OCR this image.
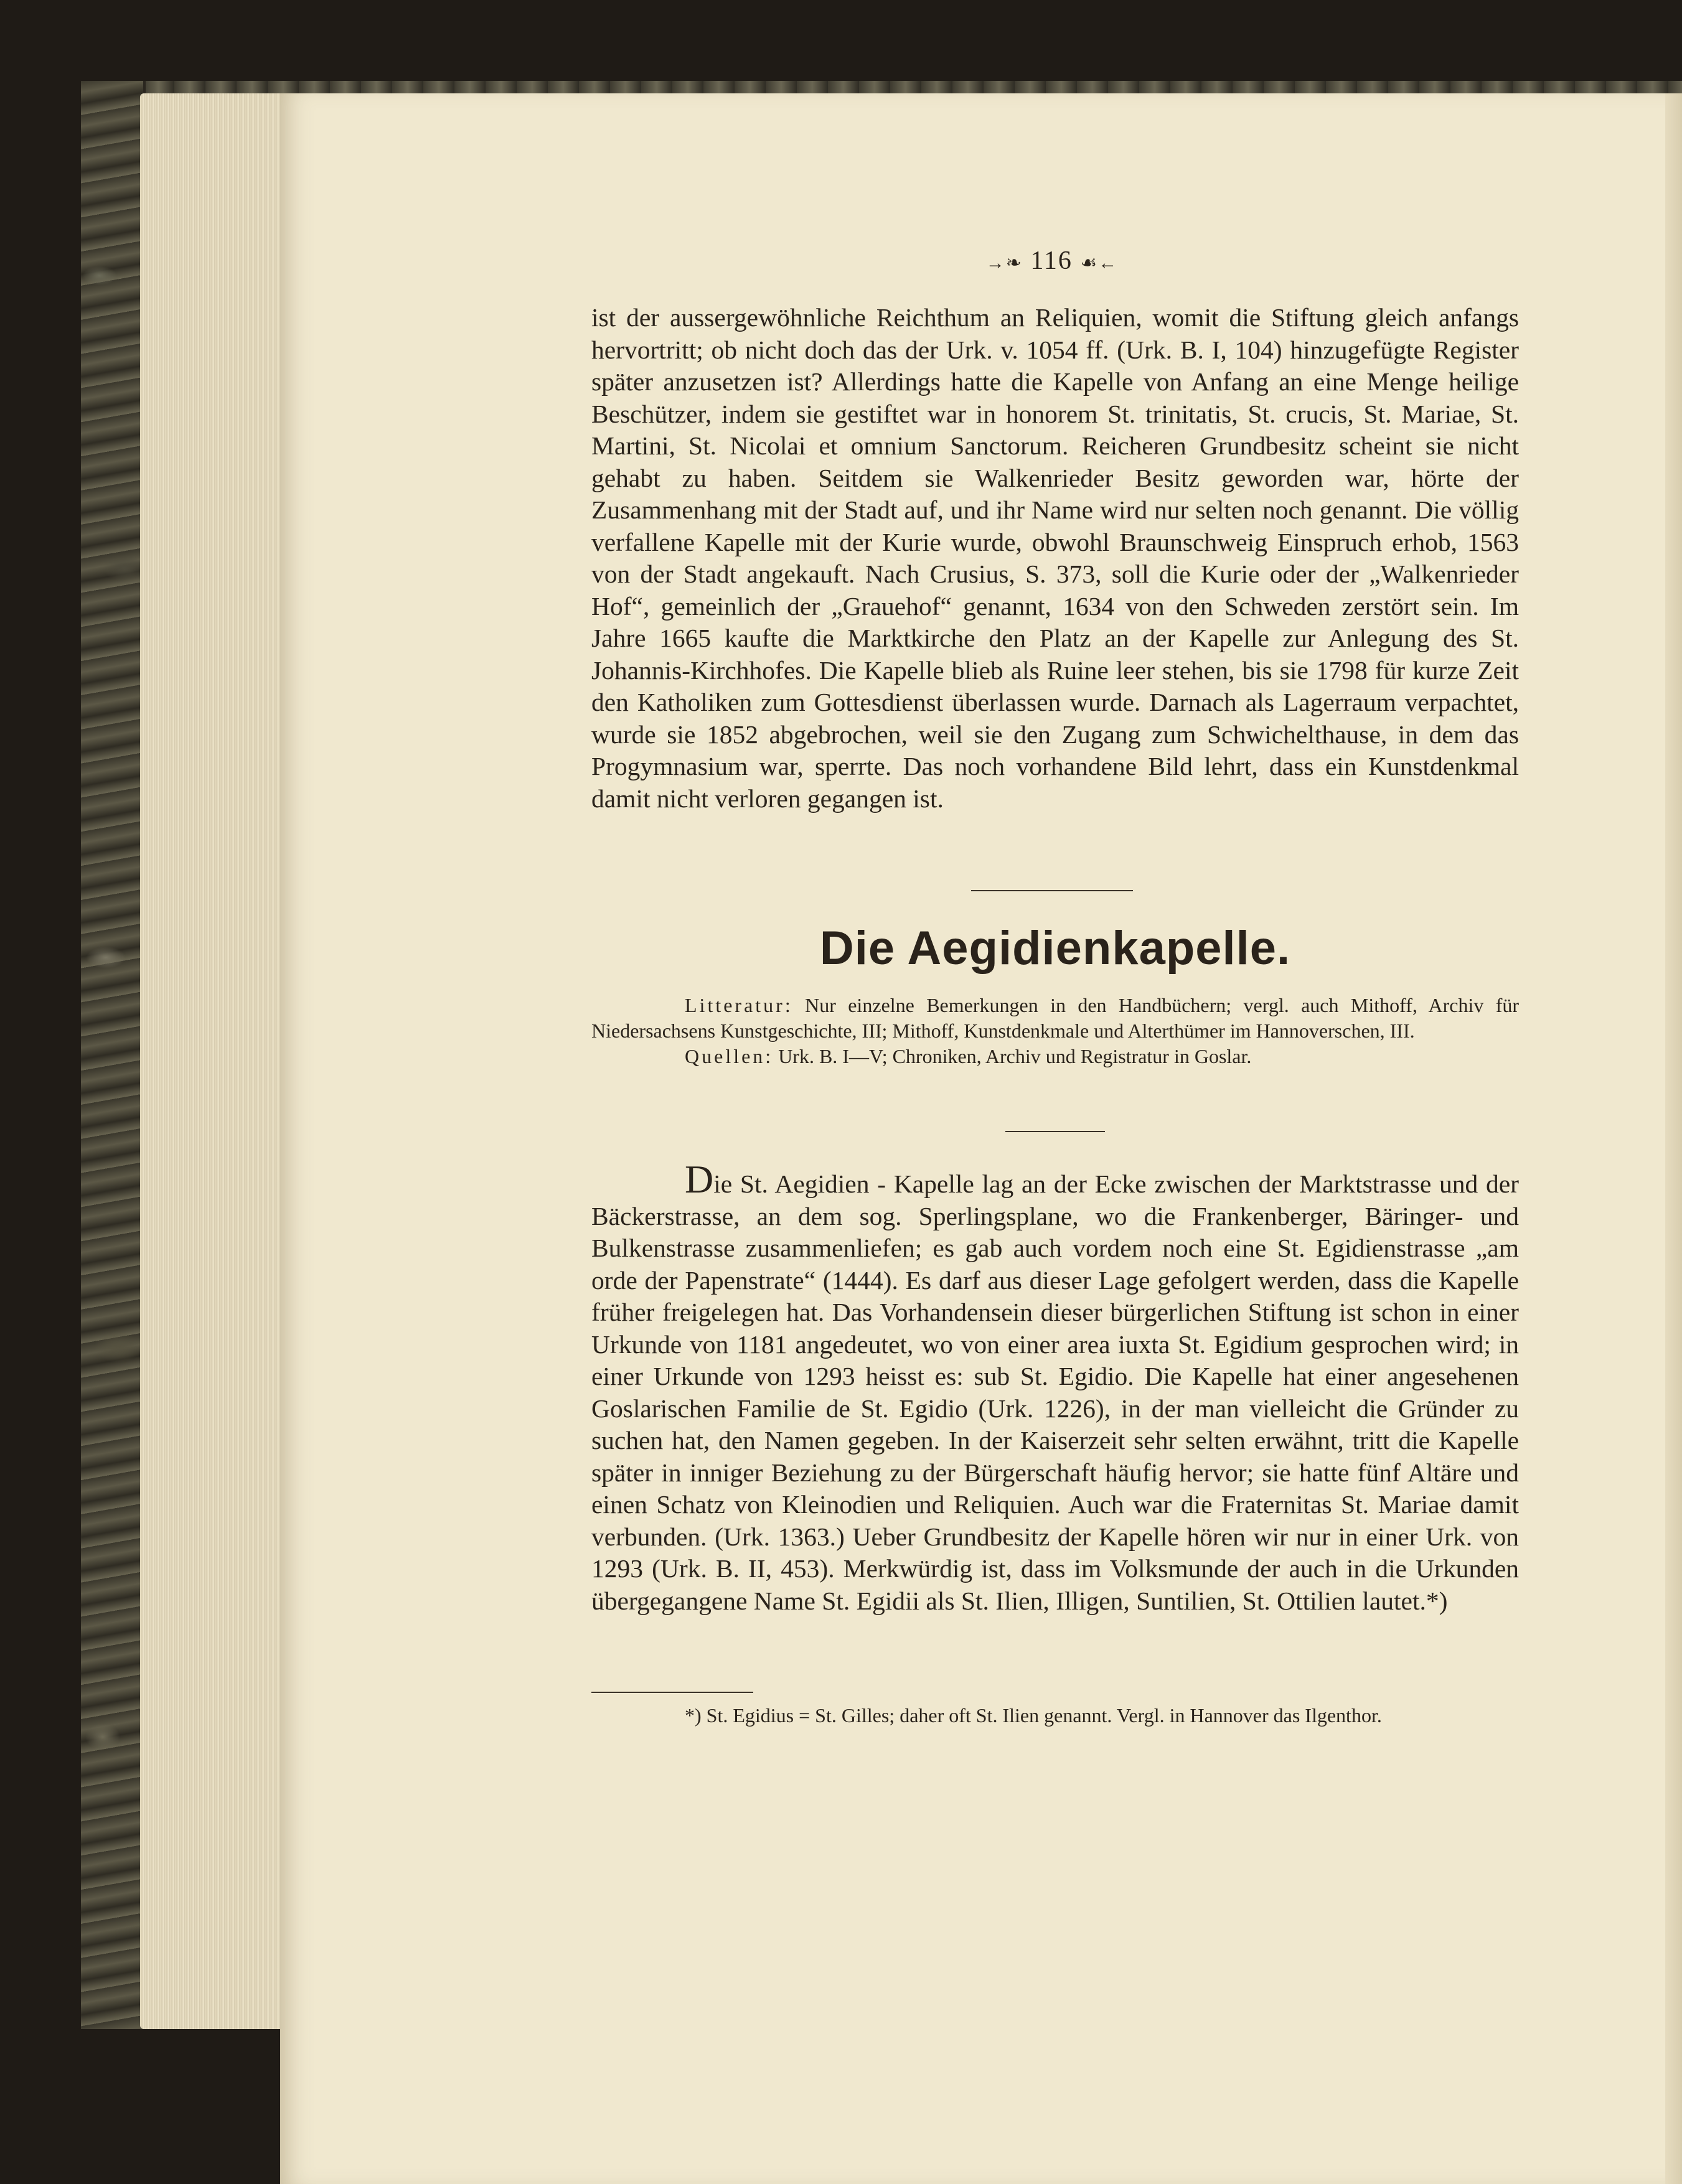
→❧ 116 ☙←

ist der aussergewöhnliche Reichthum an Reliquien, womit die Stiftung gleich anfangs hervortritt; ob nicht doch das der Urk. v. 1054 ff. (Urk. B. I, 104) hinzugefügte Register später anzusetzen ist? Allerdings hatte die Kapelle von Anfang an eine Menge heilige Beschützer, indem sie gestiftet war in honorem St. trinitatis, St. crucis, St. Mariae, St. Martini, St. Nicolai et omnium Sanctorum. Reicheren Grundbesitz scheint sie nicht gehabt zu haben. Seitdem sie Walkenrieder Besitz geworden war, hörte der Zusammenhang mit der Stadt auf, und ihr Name wird nur selten noch genannt. Die völlig verfallene Kapelle mit der Kurie wurde, obwohl Braunschweig Einspruch erhob, 1563 von der Stadt angekauft. Nach Crusius, S. 373, soll die Kurie oder der „Walkenrieder Hof“, gemeinlich der „Grauehof“ genannt, 1634 von den Schweden zerstört sein. Im Jahre 1665 kaufte die Marktkirche den Platz an der Kapelle zur Anlegung des St. Johannis-Kirchhofes. Die Kapelle blieb als Ruine leer stehen, bis sie 1798 für kurze Zeit den Katholiken zum Gottesdienst überlassen wurde. Darnach als Lagerraum verpachtet, wurde sie 1852 abgebrochen, weil sie den Zugang zum Schwichelthause, in dem das Progymnasium war, sperrte. Das noch vorhandene Bild lehrt, dass ein Kunstdenkmal damit nicht verloren gegangen ist.

Die Aegidienkapelle.

Litteratur: Nur einzelne Bemerkungen in den Handbüchern; vergl. auch Mithoff, Archiv für Niedersachsens Kunstgeschichte, III; Mithoff, Kunstdenkmale und Alterthümer im Hannoverschen, III.

Quellen: Urk. B. I—V; Chroniken, Archiv und Registratur in Goslar.

Die St. Aegidien - Kapelle lag an der Ecke zwischen der Marktstrasse und der Bäckerstrasse, an dem sog. Sperlingsplane, wo die Frankenberger, Bäringer- und Bulkenstrasse zusammenliefen; es gab auch vordem noch eine St. Egidienstrasse „am orde der Papenstrate“ (1444). Es darf aus dieser Lage gefolgert werden, dass die Kapelle früher freigelegen hat. Das Vorhandensein dieser bürgerlichen Stiftung ist schon in einer Urkunde von 1181 angedeutet, wo von einer area iuxta St. Egidium gesprochen wird; in einer Urkunde von 1293 heisst es: sub St. Egidio. Die Kapelle hat einer angesehenen Goslarischen Familie de St. Egidio (Urk. 1226), in der man vielleicht die Gründer zu suchen hat, den Namen gegeben. In der Kaiserzeit sehr selten erwähnt, tritt die Kapelle später in inniger Beziehung zu der Bürgerschaft häufig hervor; sie hatte fünf Altäre und einen Schatz von Kleinodien und Reliquien. Auch war die Fraternitas St. Mariae damit verbunden. (Urk. 1363.) Ueber Grundbesitz der Kapelle hören wir nur in einer Urk. von 1293 (Urk. B. II, 453). Merkwürdig ist, dass im Volksmunde der auch in die Urkunden übergegangene Name St. Egidii als St. Ilien, Illigen, Suntilien, St. Ottilien lautet.*)

*) St. Egidius = St. Gilles; daher oft St. Ilien genannt. Vergl. in Hannover das Ilgenthor.
